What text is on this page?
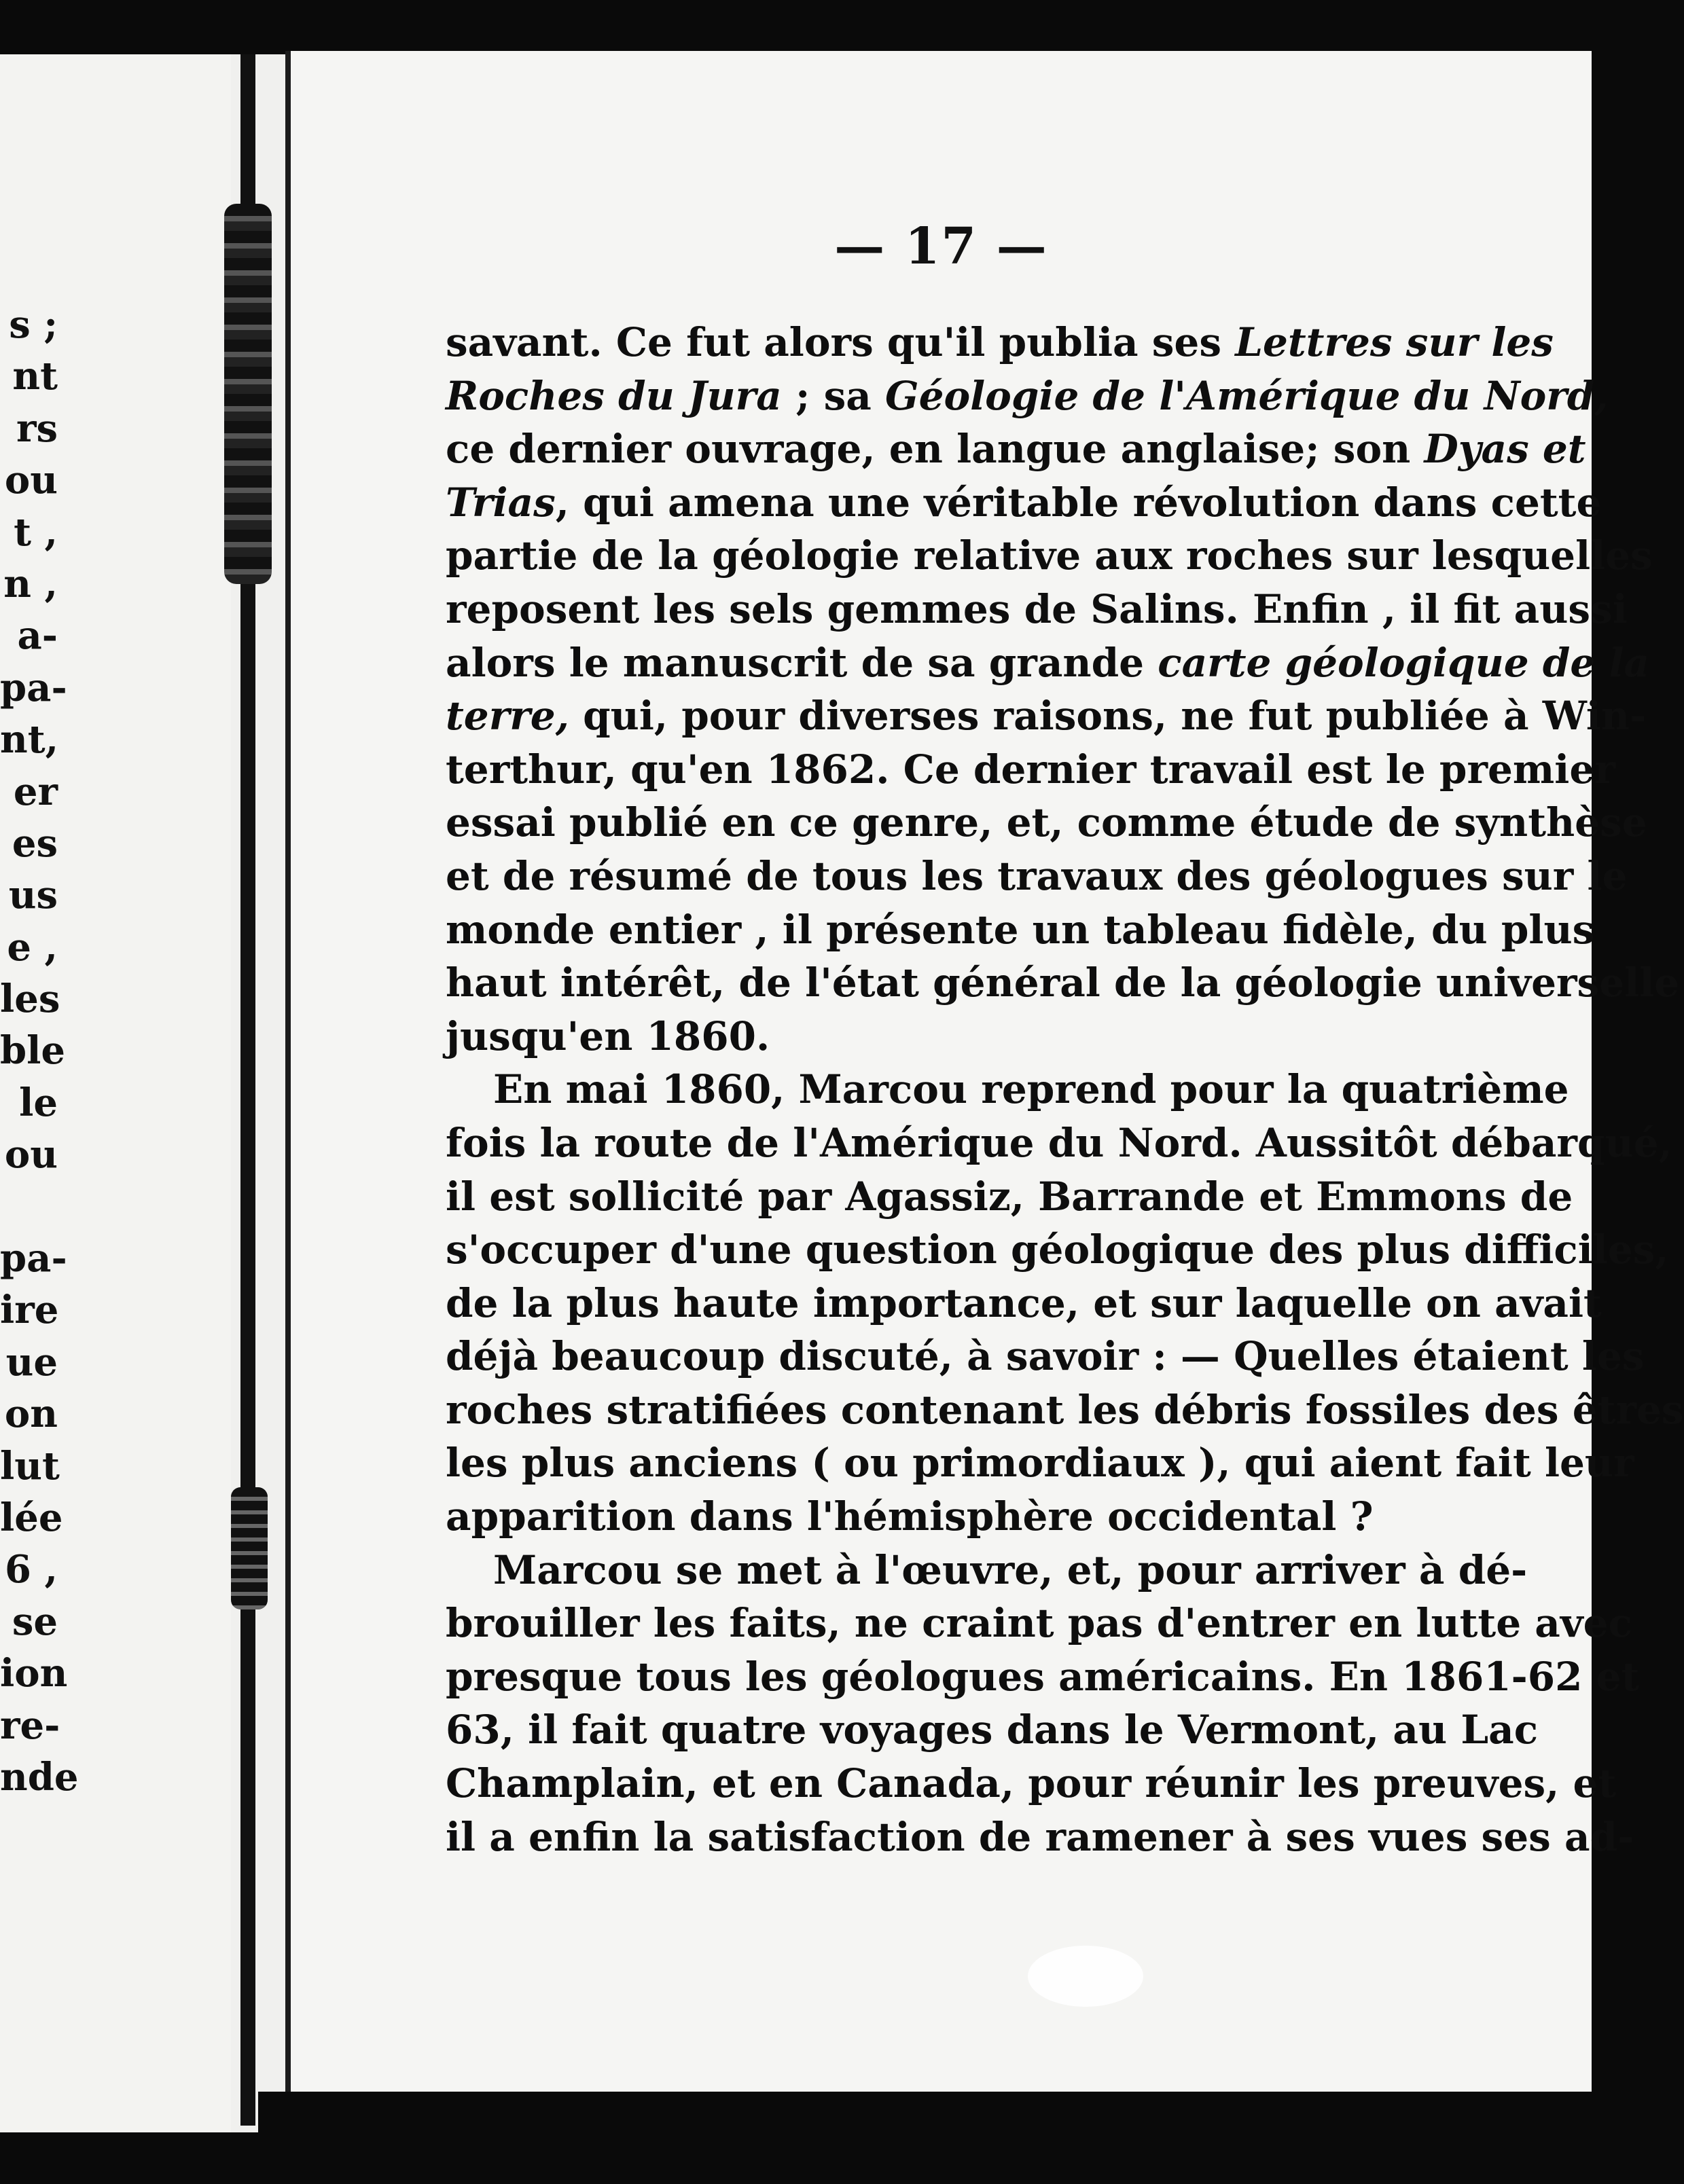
s ;
nt
rs
ou
t ,
n ,
a-
pa-
nt,
er
es
us
e ,
les
ble
le
ou
pa-
ire
ue
on
lut
lée
6 ,
se
ion
re-
nde
— 17 —
savant. Ce fut alors qu'il publia ses Lettres sur les
Roches du Jura ; sa Géologie de l'Amérique du Nord,
ce dernier ouvrage, en langue anglaise; son Dyas et
Trias, qui amena une véritable révolution dans cette
partie de la géologie relative aux roches sur lesquelles
reposent les sels gemmes de Salins. Enfin , il fit aussi
alors le manuscrit de sa grande carte géologique de la
terre, qui, pour diverses raisons, ne fut publiée à Win-
terthur, qu'en 1862. Ce dernier travail est le premier
essai publié en ce genre, et, comme étude de synthèse
et de résumé de tous les travaux des géologues sur le
monde entier , il présente un tableau fidèle, du plus
haut intérêt, de l'état général de la géologie universelle
jusqu'en 1860.
En mai 1860, Marcou reprend pour la quatrième
fois la route de l'Amérique du Nord. Aussitôt débarqué,
il est sollicité par Agassiz, Barrande et Emmons de
s'occuper d'une question géologique des plus difficiles,
de la plus haute importance, et sur laquelle on avait
déjà beaucoup discuté, à savoir : — Quelles étaient les
roches stratifiées contenant les débris fossiles des êtres
les plus anciens ( ou primordiaux ), qui aient fait leur
apparition dans l'hémisphère occidental ?
Marcou se met à l'œuvre, et, pour arriver à dé-
brouiller les faits, ne craint pas d'entrer en lutte avec
presque tous les géologues américains. En 1861-62 et
63, il fait quatre voyages dans le Vermont, au Lac
Champlain, et en Canada, pour réunir les preuves, et
il a enfin la satisfaction de ramener à ses vues ses ad-
